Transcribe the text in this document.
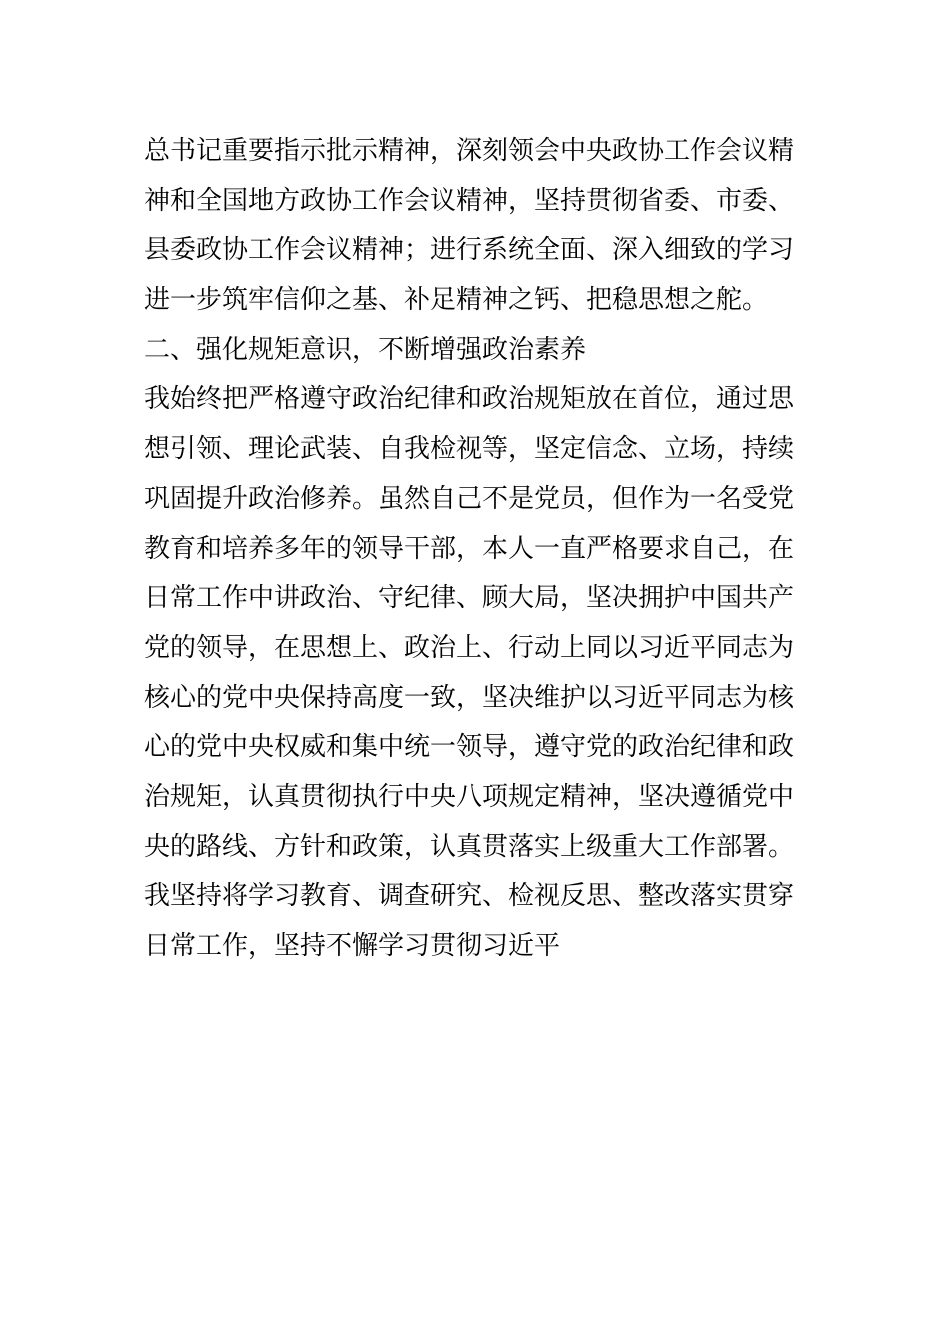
总书记重要指示批示精神，深刻领会中央政协工作会议精
神和全国地方政协工作会议精神，坚持贯彻省委、市委、
县委政协工作会议精神；进行系统全面、深入细致的学习
进一步筑牢信仰之基、补足精神之钙、把稳思想之舵。
二、强化规矩意识，不断增强政治素养
我始终把严格遵守政治纪律和政治规矩放在首位，通过思
想引领、理论武装、自我检视等，坚定信念、立场，持续
巩固提升政治修养。虽然自己不是党员，但作为一名受党
教育和培养多年的领导干部，本人一直严格要求自己，在
日常工作中讲政治、守纪律、顾大局，坚决拥护中国共产
党的领导，在思想上、政治上、行动上同以习近平同志为
核心的党中央保持高度一致，坚决维护以习近平同志为核
心的党中央权威和集中统一领导，遵守党的政治纪律和政
治规矩，认真贯彻执行中央八项规定精神，坚决遵循党中
央的路线、方针和政策，认真贯落实上级重大工作部署。
我坚持将学习教育、调查研究、检视反思、整改落实贯穿
日常工作，坚持不懈学习贯彻习近平
